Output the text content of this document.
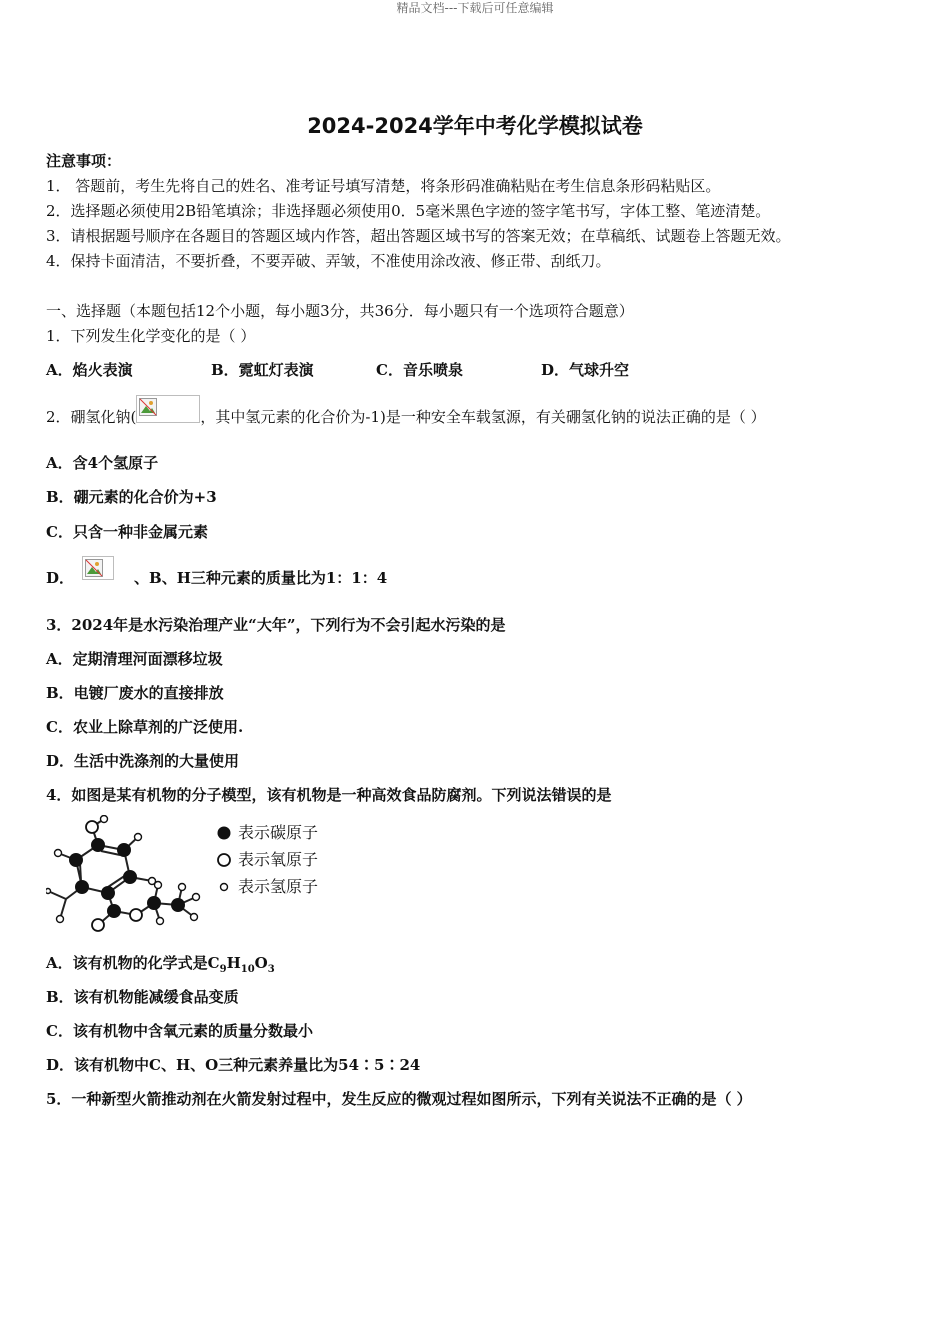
精品文档---下载后可任意编辑
2024-2024学年中考化学模拟试卷
注意事项：
1． 答题前，考生先将自己的姓名、准考证号填写清楚，将条形码准确粘贴在考生信息条形码粘贴区。
2．选择题必须使用2B铅笔填涂；非选择题必须使用0．5毫米黑色字迹的签字笔书写，字体工整、笔迹清楚。
3．请根据题号顺序在各题目的答题区域内作答，超出答题区域书写的答案无效；在草稿纸、试题卷上答题无效。
4．保持卡面清洁，不要折叠，不要弄破、弄皱，不准使用涂改液、修正带、刮纸刀。
一、选择题（本题包括12个小题，每小题3分，共36分．每小题只有一个选项符合题意）
1．下列发生化学变化的是（ ）
A．焰火表演	B．霓虹灯表演	C．音乐喷泉	D．气球升空
2．硼氢化钠(	，其中氢元素的化合价为-1)是一种安全车载氢源，有关硼氢化钠的说法正确的是（ ）
A．含4个氢原子
B．硼元素的化合价为+3
C．只含一种非金属元素
D．	、B、H三种元素的质量比为1：1：4
3．2024年是水污染治理产业“大年”，下列行为不会引起水污染的是
A．定期清理河面漂移垃圾
B．电镀厂废水的直接排放
C．农业上除草剂的广泛使用.
D．生活中洗涤剂的大量使用
4．如图是某有机物的分子模型，该有机物是一种高效食品防腐剂。下列说法错误的是
表示碳原子
表示氧原子
表示氢原子
A．该有机物的化学式是$C_9H_{10}O_3$
B．该有机物能减缓食品变质
C．该有机物中含氧元素的质量分数最小
D．该有机物中C、H、O三种元素养量比为54∶5∶24
5．一种新型火箭推动剂在火箭发射过程中，发生反应的微观过程如图所示，下列有关说法不正确的是（ ）
